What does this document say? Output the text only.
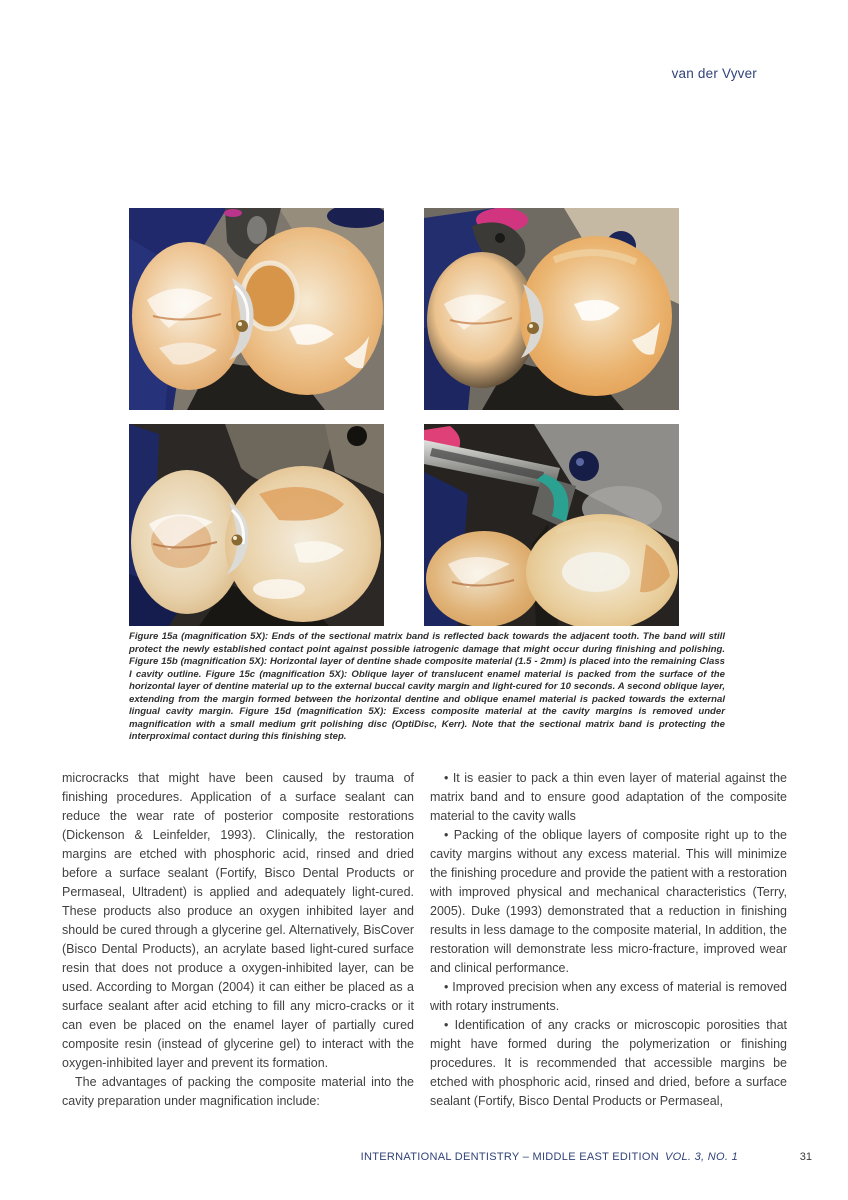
van der Vyver

Figure 15a (magnification 5X): Ends of the sectional matrix band is reflected back towards the adjacent tooth. The band will still protect the newly established contact point against possible iatrogenic damage that might occur during finishing and polishing. Figure 15b (magnification 5X): Horizontal layer of dentine shade composite material (1.5 - 2mm) is placed into the remaining Class I cavity outline. Figure 15c (magnification 5X): Oblique layer of translucent enamel material is packed from the surface of the horizontal layer of dentine material up to the external buccal cavity margin and light-cured for 10 seconds. A second oblique layer, extending from the margin formed between the horizontal dentine and oblique enamel material is packed towards the external lingual cavity margin. Figure 15d (magnification 5X): Excess composite material at the cavity margins is removed under magnification with a small medium grit polishing disc (OptiDisc, Kerr). Note that the sectional matrix band is protecting the interproximal contact during this finishing step.

microcracks that might have been caused by trauma of finishing procedures. Application of a surface sealant can reduce the wear rate of posterior composite restorations (Dickenson & Leinfelder, 1993). Clinically, the restoration margins are etched with phosphoric acid, rinsed and dried before a surface sealant (Fortify, Bisco Dental Products or Permaseal, Ultradent) is applied and adequately light-cured. These products also produce an oxygen inhibited layer and should be cured through a glycerine gel. Alternatively, BisCover (Bisco Dental Products), an acrylate based light-cured surface resin that does not produce a oxygen-inhibited layer, can be used. According to Morgan (2004) it can either be placed as a surface sealant after acid etching to fill any micro-cracks or it can even be placed on the enamel layer of partially cured composite resin (instead of glycerine gel) to interact with the oxygen-inhibited layer and prevent its formation.

The advantages of packing the composite material into the cavity preparation under magnification include:

• It is easier to pack a thin even layer of material against the matrix band and to ensure good adaptation of the composite material to the cavity walls

• Packing of the oblique layers of composite right up to the cavity margins without any excess material. This will minimize the finishing procedure and provide the patient with a restoration with improved physical and mechanical characteristics (Terry, 2005). Duke (1993) demonstrated that a reduction in finishing results in less damage to the composite material, In addition, the restoration will demonstrate less micro-fracture, improved wear and clinical performance.

• Improved precision when any excess of material is removed with rotary instruments.

• Identification of any cracks or microscopic porosities that might have formed during the polymerization or finishing procedures. It is recommended that accessible margins be etched with phosphoric acid, rinsed and dried, before a surface sealant (Fortify, Bisco Dental Products or Permaseal,

INTERNATIONAL DENTISTRY – MIDDLE EAST EDITION VOL. 3, NO. 1	31
